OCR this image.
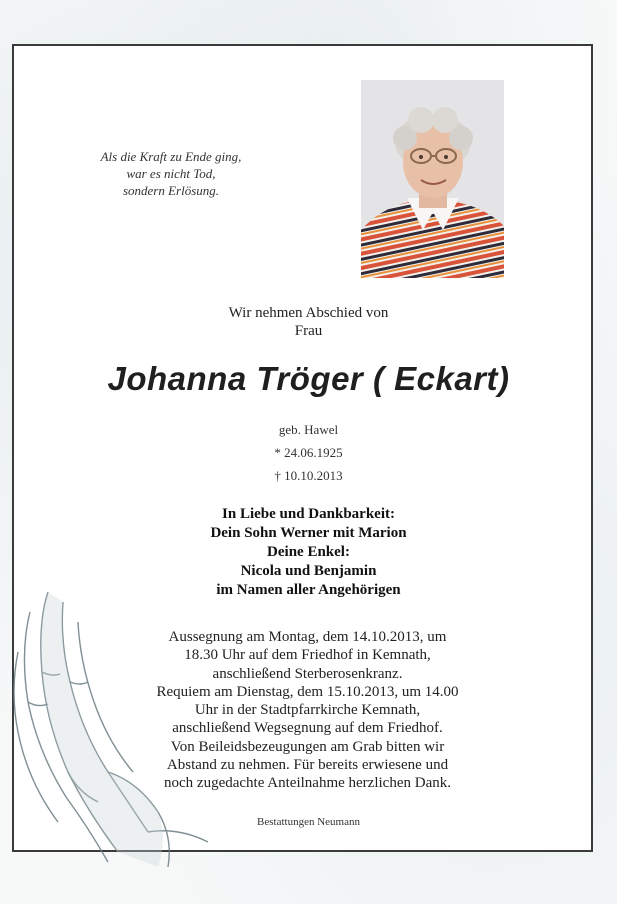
Als die Kraft zu Ende ging,
war es nicht Tod,
sondern Erlösung.
Wir nehmen Abschied von
Frau
Johanna Tröger ( Eckart)
geb. Hawel
* 24.06.1925
† 10.10.2013
In Liebe und Dankbarkeit:
Dein Sohn Werner mit Marion
Deine Enkel:
Nicola und Benjamin
im Namen aller Angehörigen
Aussegnung am Montag, dem 14.10.2013, um
18.30 Uhr auf dem Friedhof in Kemnath,
anschließend Sterberosenkranz.
Requiem am Dienstag, dem 15.10.2013, um 14.00
Uhr in der Stadtpfarrkirche Kemnath,
anschließend Wegsegnung auf dem Friedhof.
Von Beileidsbezeugungen am Grab bitten wir
Abstand zu nehmen. Für bereits erwiesene und
noch zugedachte Anteilnahme herzlichen Dank.
Bestattungen Neumann
